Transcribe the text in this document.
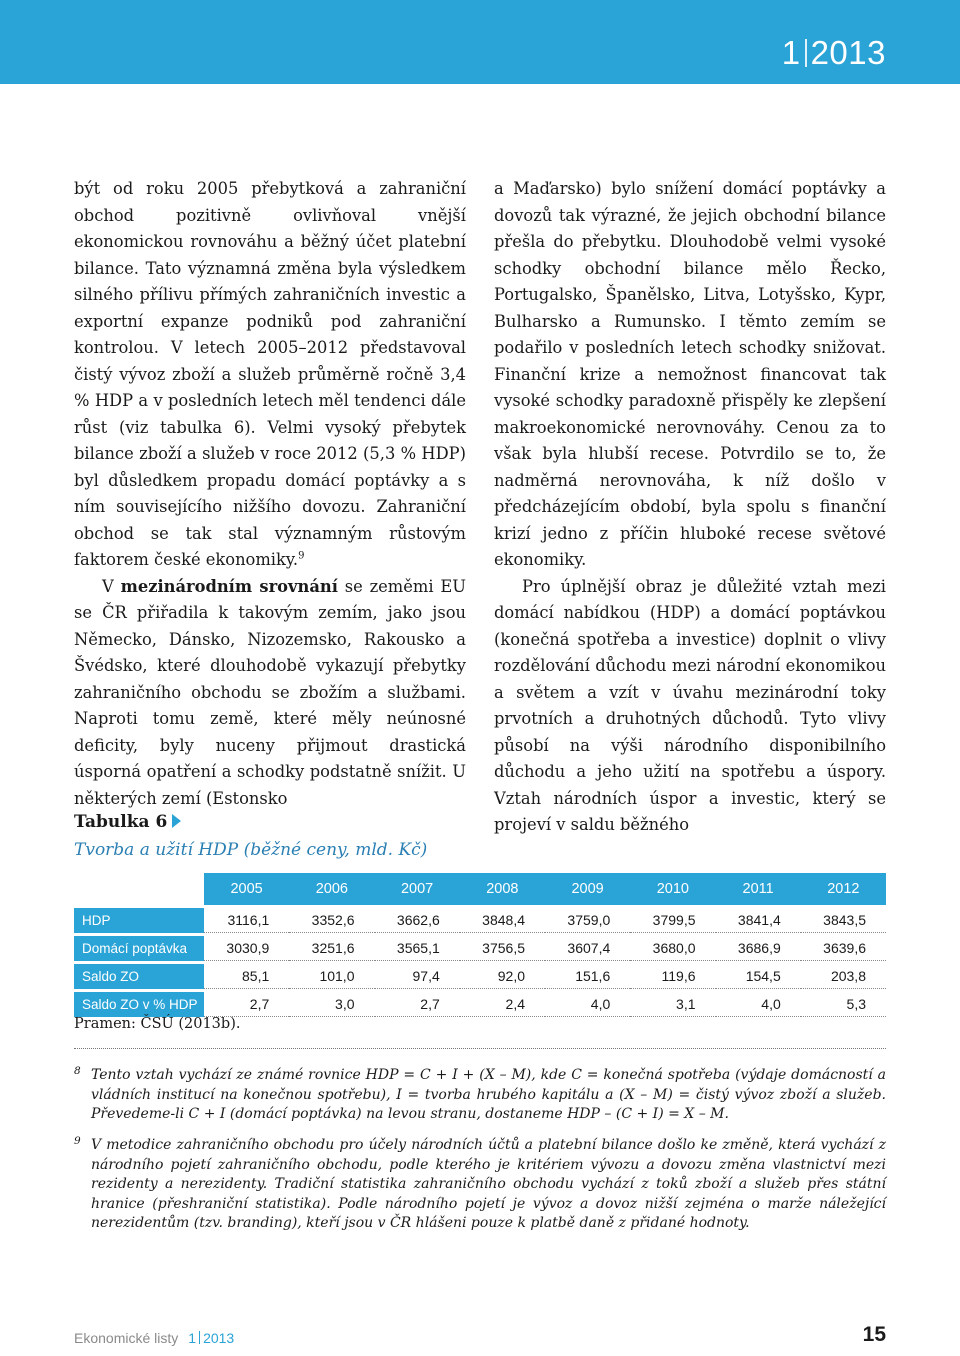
1 2013

být od roku 2005 přebytková a zahraniční obchod pozitivně ovlivňoval vnější ekonomickou rovnováhu a běžný účet platební bilance. Tato významná změna byla výsledkem silného přílivu přímých zahraničních investic a exportní expanze podniků pod zahraniční kontrolou. V letech 2005–2012 představoval čistý vývoz zboží a služeb průměrně ročně 3,4 % HDP a v posledních letech měl tendenci dále růst (viz tabulka 6). Velmi vysoký přebytek bilance zboží a služeb v roce 2012 (5,3 % HDP) byl důsledkem propadu domácí poptávky a s ním souvisejícího nižšího dovozu. Zahraniční obchod se tak stal významným růstovým faktorem české ekonomiky.$^9$

V mezinárodním srovnání se zeměmi EU se ČR přiřadila k takovým zemím, jako jsou Německo, Dánsko, Nizozemsko, Rakousko a Švédsko, které dlouhodobě vykazují přebytky zahraničního obchodu se zbožím a službami. Naproti tomu země, které měly neúnosné deficity, byly nuceny přijmout drastická úsporná opatření a schodky podstatně snížit. U některých zemí (Estonsko

a Maďarsko) bylo snížení domácí poptávky a dovozů tak výrazné, že jejich obchodní bilance přešla do přebytku. Dlouhodobě velmi vysoké schodky obchodní bilance mělo Řecko, Portugalsko, Španělsko, Litva, Lotyšsko, Kypr, Bulharsko a Rumunsko. I těmto zemím se podařilo v posledních letech schodky snižovat. Finanční krize a nemožnost financovat tak vysoké schodky paradoxně přispěly ke zlepšení makroekonomické nerovnováhy. Cenou za to však byla hlubší recese. Potvrdilo se to, že nadměrná nerovnováha, k níž došlo v předcházejícím období, byla spolu s finanční krizí jedno z příčin hluboké recese světové ekonomiky.

Pro úplnější obraz je důležité vztah mezi domácí nabídkou (HDP) a domácí poptávkou (konečná spotřeba a investice) doplnit o vlivy rozdělování důchodu mezi národní ekonomikou a světem a vzít v úvahu mezinárodní toky prvotních a druhotných důchodů. Tyto vlivy působí na výši národního disponibilního důchodu a jeho užití na spotřebu a úspory. Vztah národních úspor a investic, který se projeví v saldu běžného

Tabulka 6
Tvorba a užití HDP (běžné ceny, mld. Kč)
	2005	2006	2007	2008	2009	2010	2011	2012
HDP	3116,1	3352,6	3662,6	3848,4	3759,0	3799,5	3841,4	3843,5
Domácí poptávka	3030,9	3251,6	3565,1	3756,5	3607,4	3680,0	3686,9	3639,6
Saldo ZO	85,1	101,0	97,4	92,0	151,6	119,6	154,5	203,8
Saldo ZO v % HDP	2,7	3,0	2,7	2,4	4,0	3,1	4,0	5,3
Pramen: ČSÚ (2013b).
8 Tento vztah vychází ze známé rovnice HDP = C + I + (X – M), kde C = konečná spotřeba (výdaje domácností a vládních institucí na konečnou spotřebu), I = tvorba hrubého kapitálu a (X – M) = čistý vývoz zboží a služeb. Převedeme-li C + I (domácí poptávka) na levou stranu, dostaneme HDP – (C + I) = X – M.
9 V metodice zahraničního obchodu pro účely národních účtů a platební bilance došlo ke změně, která vychází z národního pojetí zahraničního obchodu, podle kterého je kritériem vývozu a dovozu změna vlastnictví mezi rezidenty a nerezidenty. Tradiční statistika zahraničního obchodu vychází z toků zboží a služeb přes státní hranice (přeshraniční statistika). Podle národního pojetí je vývoz a dovoz nižší zejména o marže náležející nerezidentům (tzv. branding), kteří jsou v ČR hlášeni pouze k platbě daně z přidané hodnoty.
Ekonomické listy 1 2013	15
